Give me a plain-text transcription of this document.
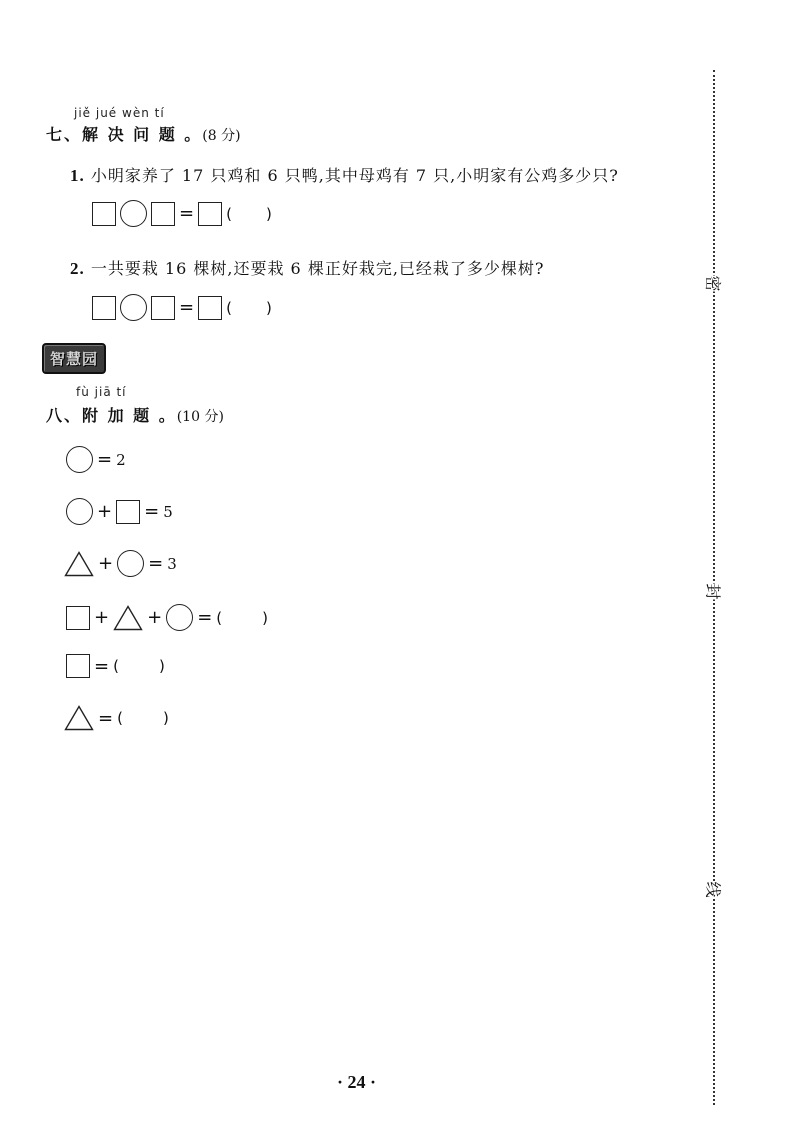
jiě jué wèn tí
七、解 决 问 题 。(8 分)
1. 小明家养了 17 只鸡和 6 只鸭,其中母鸡有 7 只,小明家有公鸡多少只?
= ( )
2. 一共要栽 16 棵树,还要栽 6 棵正好栽完,已经栽了多少棵树?
= ( )
智慧园
fù jiā tí
八、附 加 题 。(10 分)
= 2
+ = 5
+ = 3
+ + = (	)
= (	)
= (	)
密
封
线
· 24 ·
